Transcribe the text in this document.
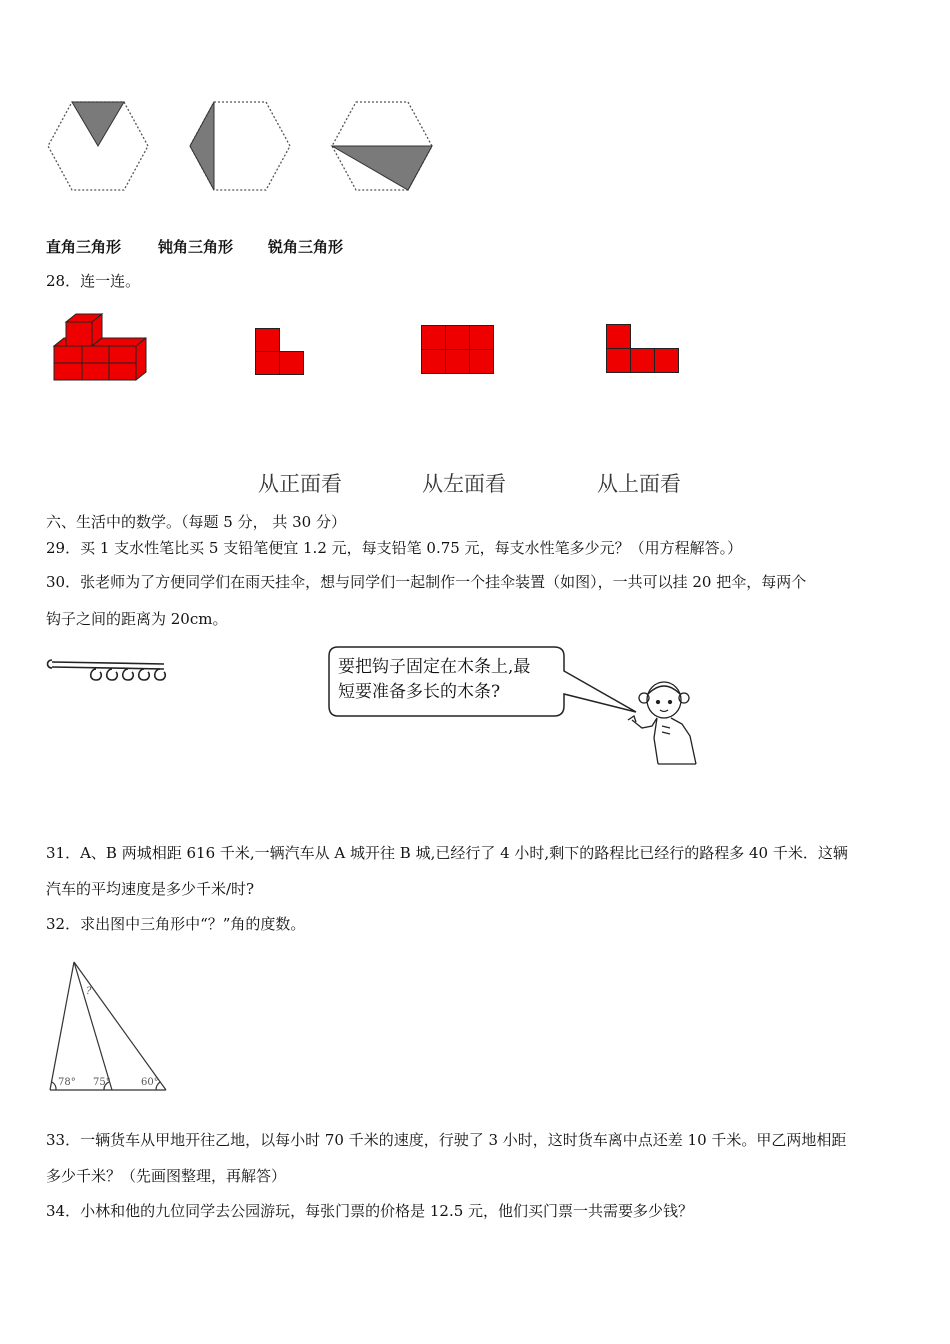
直角三角形 钝角三角形 锐角三角形
28．连一连。
从正面看	从左面看	从上面看
六、生活中的数学。（每题 5 分， 共 30 分）
29．买 1 支水性笔比买 5 支铅笔便宜 1.2 元，每支铅笔 0.75 元，每支水性笔多少元？（用方程解答。）
30．张老师为了方便同学们在雨天挂伞，想与同学们一起制作一个挂伞装置（如图），一共可以挂 20 把伞，每两个
钩子之间的距离为 20cm。
要把钩子固定在木条上,最
短要准备多长的木条?
31．A、B 两城相距 616 千米,一辆汽车从 A 城开往 B 城,已经行了 4 小时,剩下的路程比已经行的路程多 40 千米．这辆
汽车的平均速度是多少千米/时?
32．求出图中三角形中“？”角的度数。
?
78° 75°	60°
33．一辆货车从甲地开往乙地，以每小时 70 千米的速度，行驶了 3 小时，这时货车离中点还差 10 千米。甲乙两地相距
多少千米？（先画图整理，再解答）
34．小林和他的九位同学去公园游玩，每张门票的价格是 12.5 元，他们买门票一共需要多少钱？
